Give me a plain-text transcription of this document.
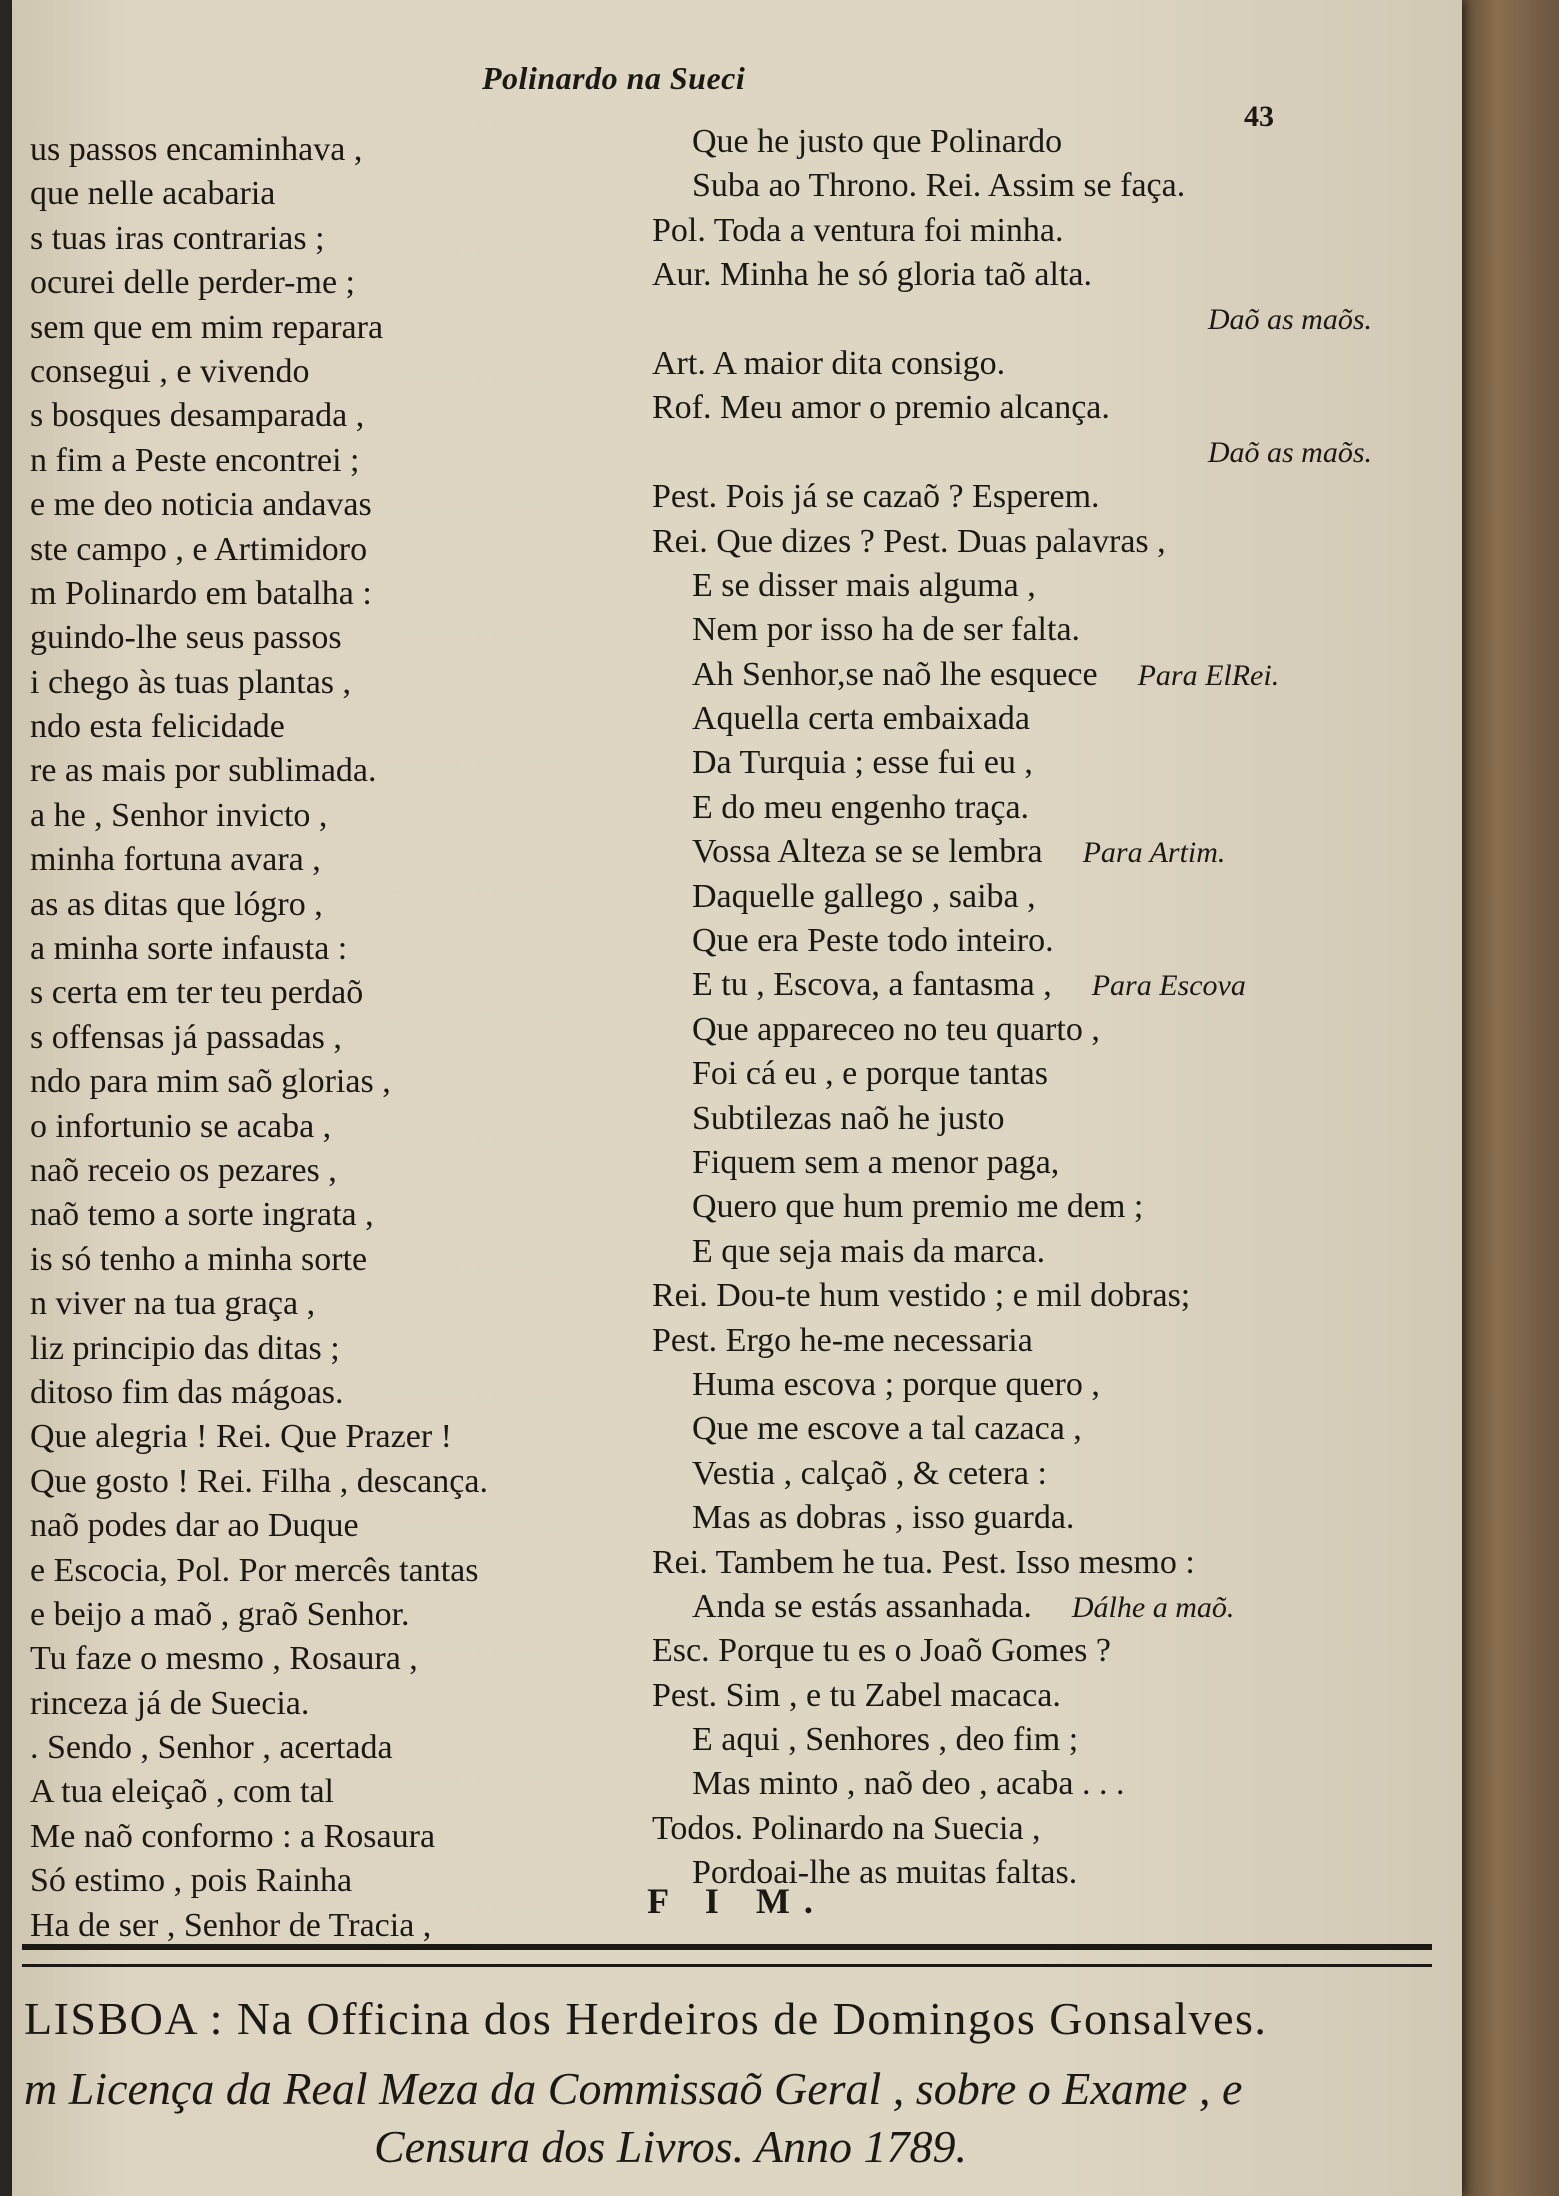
Polinardo na Sueci
43
us passos encaminhava ,
que nelle acabaria
s tuas iras contrarias ;
ocurei delle perder-me ;
sem que em mim reparara
consegui , e vivendo
s bosques desamparada ,
n fim a Peste encontrei ;
e me deo noticia andavas
ste campo , e Artimidoro
m Polinardo em batalha :
guindo-lhe seus passos
i chego às tuas plantas ,
ndo esta felicidade
re as mais por sublimada.
a he , Senhor invicto ,
minha fortuna avara ,
as as ditas que lógro ,
a minha sorte infausta :
s certa em ter teu perdaõ
s offensas já passadas ,
ndo para mim saõ glorias ,
o infortunio se acaba ,
naõ receio os pezares ,
naõ temo a sorte ingrata ,
is só tenho a minha sorte
n viver na tua graça ,
liz principio das ditas ;
ditoso fim das mágoas.
Que alegria ! Rei. Que Prazer !
Que gosto ! Rei. Filha , descança.
naõ podes dar ao Duque
e Escocia, Pol. Por mercês tantas
e beijo a maõ , graõ Senhor.
Tu faze o mesmo , Rosaura ,
rinceza já de Suecia.
. Sendo , Senhor , acertada
A tua eleiçaõ , com tal
Me naõ conformo : a Rosaura
Só estimo , pois Rainha
Ha de ser , Senhor de Tracia ,
Que he justo que Polinardo
Suba ao Throno. Rei. Assim se faça.
Pol. Toda a ventura foi minha.
Aur. Minha he só gloria taõ alta.
Daõ as maõs.
Art. A maior dita consigo.
Rof. Meu amor o premio alcança.
Daõ as maõs.
Pest. Pois já se cazaõ ? Esperem.
Rei. Que dizes ? Pest. Duas palavras ,
E se disser mais alguma ,
Nem por isso ha de ser falta.
Ah Senhor,se naõ lhe esquece Para ElRei.
Aquella certa embaixada
Da Turquia ; esse fui eu ,
E do meu engenho traça.
Vossa Alteza se se lembra Para Artim.
Daquelle gallego , saiba ,
Que era Peste todo inteiro.
E tu , Escova, a fantasma , Para Escova
Que appareceo no teu quarto ,
Foi cá eu , e porque tantas
Subtilezas naõ he justo
Fiquem sem a menor paga,
Quero que hum premio me dem ;
E que seja mais da marca.
Rei. Dou-te hum vestido ; e mil dobras;
Pest. Ergo he-me necessaria
Huma escova ; porque quero ,
Que me escove a tal cazaca ,
Vestia , calçaõ , & cetera :
Mas as dobras , isso guarda.
Rei. Tambem he tua. Pest. Isso mesmo :
Anda se estás assanhada. Dálhe a maõ.
Esc. Porque tu es o Joaõ Gomes ?
Pest. Sim , e tu Zabel macaca.
E aqui , Senhores , deo fim ;
Mas minto , naõ deo , acaba . . .
Todos. Polinardo na Suecia ,
Pordoai-lhe as muitas faltas.
F I M.
LISBOA : Na Officina dos Herdeiros de Domingos Gonsalves.
m Licença da Real Meza da Commissaõ Geral , sobre o Exame , e
Censura dos Livros. Anno 1789.
